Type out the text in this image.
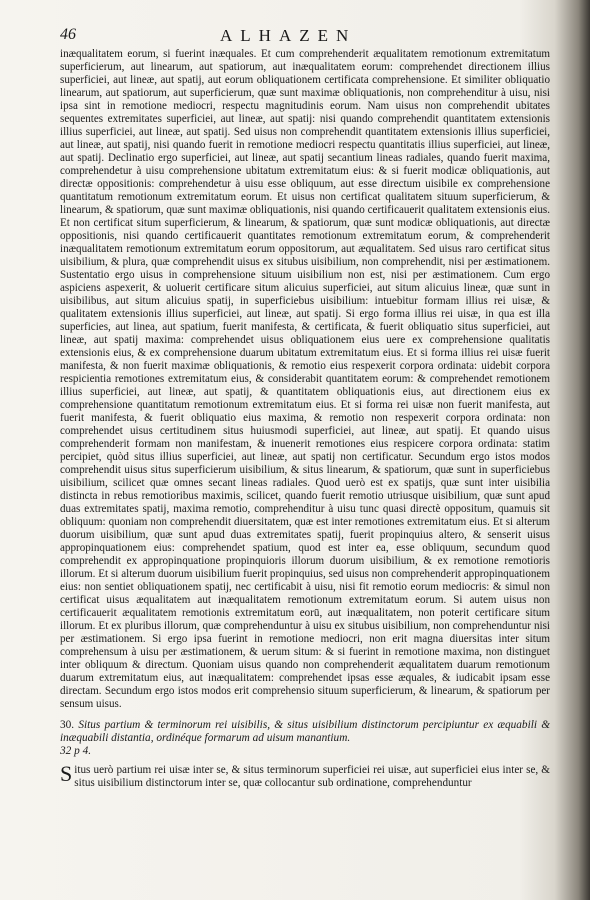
46	ALHAZEN

inæqualitatem eorum, si fuerint inæquales. Et cum comprehenderit æqualitatem remotionum extremitatum superficierum, aut linearum, aut spatiorum, aut inæqualitatem eorum: comprehendet directionem illius superficiei, aut lineæ, aut spatij, aut eorum obliquationem certificata comprehensione. Et similiter obliquatio linearum, aut spatiorum, aut superficierum, quæ sunt maximæ obliquationis, non comprehenditur à uisu, nisi ipsa sint in remotione mediocri, respectu magnitudinis eorum. Nam uisus non comprehendit ubitates sequentes extremitates superficiei, aut lineæ, aut spatij: nisi quando comprehendit quantitatem extensionis illius superficiei, aut lineæ, aut spatij. Sed uisus non comprehendit quantitatem extensionis illius superficiei, aut lineæ, aut spatij, nisi quando fuerit in remotione mediocri respectu quantitatis illius superficiei, aut lineæ, aut spatij. Declinatio ergo superficiei, aut lineæ, aut spatij secantium lineas radiales, quando fuerit maxima, comprehendetur à uisu comprehensione ubitatum extremitatum eius: & si fuerit modicæ obliquationis, aut directæ oppositionis: comprehendetur à uisu esse obliquum, aut esse directum uisibile ex comprehensione quantitatum remotionum extremitatum eorum. Et uisus non certificat qualitatem situum superficierum, & linearum, & spatiorum, quæ sunt maximæ obliquationis, nisi quando certificauerit qualitatem extensionis eius. Et non certificat situm superficierum, & linearum, & spatiorum, quæ sunt modicæ obliquationis, aut directæ oppositionis, nisi quando certificauerit quantitates remotionum extremitatum eorum, & comprehenderit inæqualitatem remotionum extremitatum eorum oppositorum, aut æqualitatem. Sed uisus raro certificat situs uisibilium, & plura, quæ comprehendit uisus ex situbus uisibilium, non comprehendit, nisi per æstimationem. Sustentatio ergo uisus in comprehensione situum uisibilium non est, nisi per æstimationem. Cum ergo aspiciens aspexerit, & uoluerit certificare situm alicuius superficiei, aut situm alicuius lineæ, quæ sunt in uisibilibus, aut situm alicuius spatij, in superficiebus uisibilium: intuebitur formam illius rei uisæ, & qualitatem extensionis illius superficiei, aut lineæ, aut spatij. Si ergo forma illius rei uisæ, in qua est illa superficies, aut linea, aut spatium, fuerit manifesta, & certificata, & fuerit obliquatio situs superficiei, aut lineæ, aut spatij maxima: comprehendet uisus obliquationem eius uere ex comprehensione qualitatis extensionis eius, & ex comprehensione duarum ubitatum extremitatum eius. Et si forma illius rei uisæ fuerit manifesta, & non fuerit maximæ obliquationis, & remotio eius respexerit corpora ordinata: uidebit corpora respicientia remotiones extremitatum eius, & considerabit quantitatem eorum: & comprehendet remotionem illius superficiei, aut lineæ, aut spatij, & quantitatem obliquationis eius, aut directionem eius ex comprehensione quantitatum remotionum extremitatum eius. Et si forma rei uisæ non fuerit manifesta, aut fuerit manifesta, & fuerit obliquatio eius maxima, & remotio non respexerit corpora ordinata: non comprehendet uisus certitudinem situs huiusmodi superficiei, aut lineæ, aut spatij. Et quando uisus comprehenderit formam non manifestam, & inuenerit remotiones eius respicere corpora ordinata: statim percipiet, quòd situs illius superficiei, aut lineæ, aut spatij non certificatur. Secundum ergo istos modos comprehendit uisus situs superficierum uisibilium, & situs linearum, & spatiorum, quæ sunt in superficiebus uisibilium, scilicet quæ omnes secant lineas radiales. Quod uerò est ex spatijs, quæ sunt inter uisibilia distincta in rebus remotioribus maximis, scilicet, quando fuerit remotio utriusque uisibilium, quæ sunt apud duas extremitates spatij, maxima remotio, comprehenditur à uisu tunc quasi directè oppositum, quamuis sit obliquum: quoniam non comprehendit diuersitatem, quæ est inter remotiones extremitatum eius. Et si alterum duorum uisibilium, quæ sunt apud duas extremitates spatij, fuerit propinquius altero, & senserit uisus appropinquationem eius: comprehendet spatium, quod est inter ea, esse obliquum, secundum quod comprehendit ex appropinquatione propinquioris illorum duorum uisibilium, & ex remotione remotioris illorum. Et si alterum duorum uisibilium fuerit propinquius, sed uisus non comprehenderit appropinquationem eius: non sentiet obliquationem spatij, nec certificabit à uisu, nisi fit remotio eorum mediocris: & simul non certificat uisus æqualitatem aut inæqualitatem remotionum extremitatum eorum. Si autem uisus non certificauerit æqualitatem remotionis extremitatum eorū, aut inæqualitatem, non poterit certificare situm illorum. Et ex pluribus illorum, quæ comprehenduntur à uisu ex situbus uisibilium, non comprehenduntur nisi per æstimationem. Si ergo ipsa fuerint in remotione mediocri, non erit magna diuersitas inter situm comprehensum à uisu per æstimationem, & uerum situm: & si fuerint in remotione maxima, non distinguet inter obliquum & directum. Quoniam uisus quando non comprehenderit æqualitatem duarum remotionum duarum extremitatum eius, aut inæqualitatem: comprehendet ipsas esse æquales, & iudicabit ipsam esse directam. Secundum ergo istos modos erit comprehensio situum superficierum, & linearum, & spatiorum per sensum uisus.

30. Situs partium & terminorum rei uisibilis, & situs uisibilium distinctorum percipiuntur ex æquabili & inæquabili distantia, ordinéque formarum ad uisum manantium.
32 p 4.
Situs uerò partium rei uisæ inter se, & situs terminorum superficiei rei uisæ, aut superficiei eius inter se, & situs uisibilium distinctorum inter se, quæ collocantur sub ordinatione, comprehenduntur
